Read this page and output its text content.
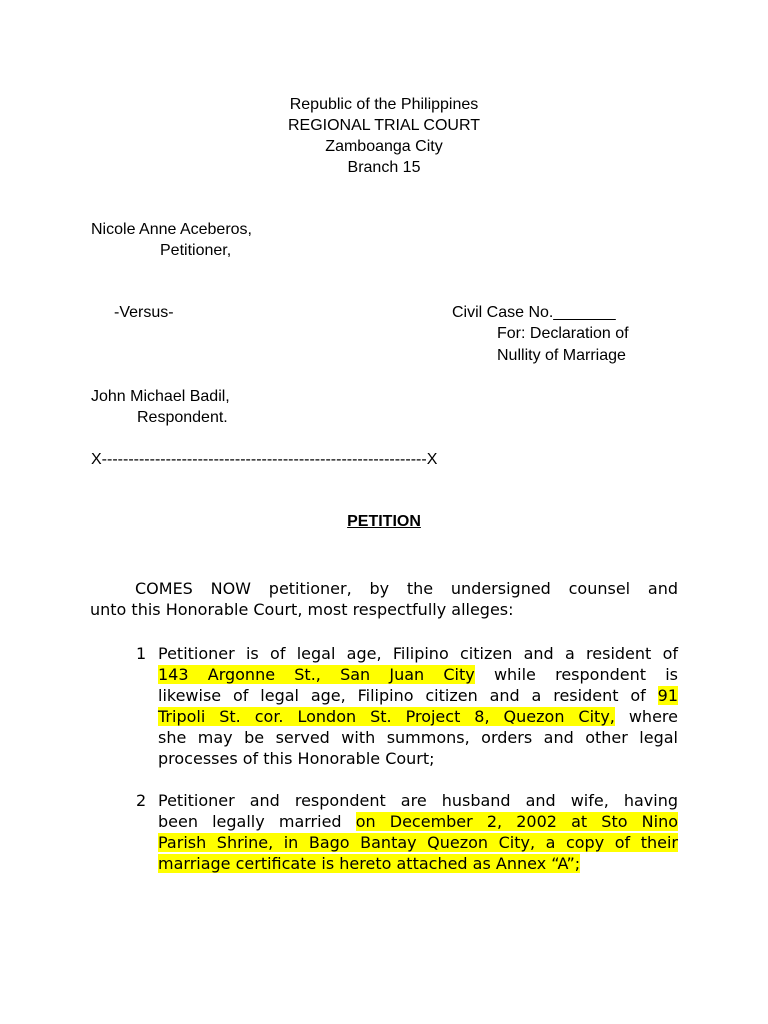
Republic of the Philippines
REGIONAL TRIAL COURT
Zamboanga City
Branch 15
Nicole Anne Aceberos,
Petitioner,
-Versus-	Civil Case No._______
For: Declaration of
Nullity of Marriage
John Michael Badil,
Respondent.
X-------------------------------------------------------------X
PETITION
COMES NOW petitioner, by the undersigned counsel and
unto this Honorable Court, most respectfully alleges:
1 Petitioner is of legal age, Filipino citizen and a resident of
143 Argonne St., San Juan City while respondent is
likewise of legal age, Filipino citizen and a resident of 91
Tripoli St. cor. London St. Project 8, Quezon City, where
she may be served with summons, orders and other legal
processes of this Honorable Court;
2 Petitioner and respondent are husband and wife, having
been legally married on December 2, 2002 at Sto Nino
Parish Shrine, in Bago Bantay Quezon City, a copy of their
marriage certificate is hereto attached as Annex “A”;
